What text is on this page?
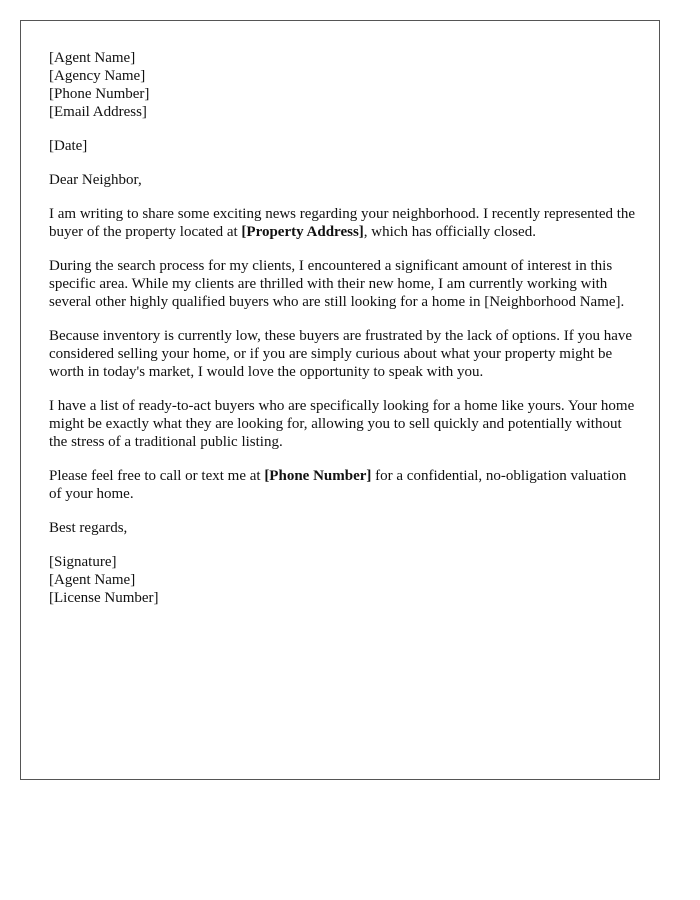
[Agent Name]
[Agency Name]
[Phone Number]
[Email Address]

[Date]

Dear Neighbor,

I am writing to share some exciting news regarding your neighborhood. I recently represented the buyer of the property located at [Property Address], which has officially closed.

During the search process for my clients, I encountered a significant amount of interest in this specific area. While my clients are thrilled with their new home, I am currently working with several other highly qualified buyers who are still looking for a home in [Neighborhood Name].

Because inventory is currently low, these buyers are frustrated by the lack of options. If you have considered selling your home, or if you are simply curious about what your property might be worth in today's market, I would love the opportunity to speak with you.

I have a list of ready-to-act buyers who are specifically looking for a home like yours. Your home might be exactly what they are looking for, allowing you to sell quickly and potentially without the stress of a traditional public listing.

Please feel free to call or text me at [Phone Number] for a confidential, no-obligation valuation of your home.

Best regards,

[Signature]
[Agent Name]
[License Number]
